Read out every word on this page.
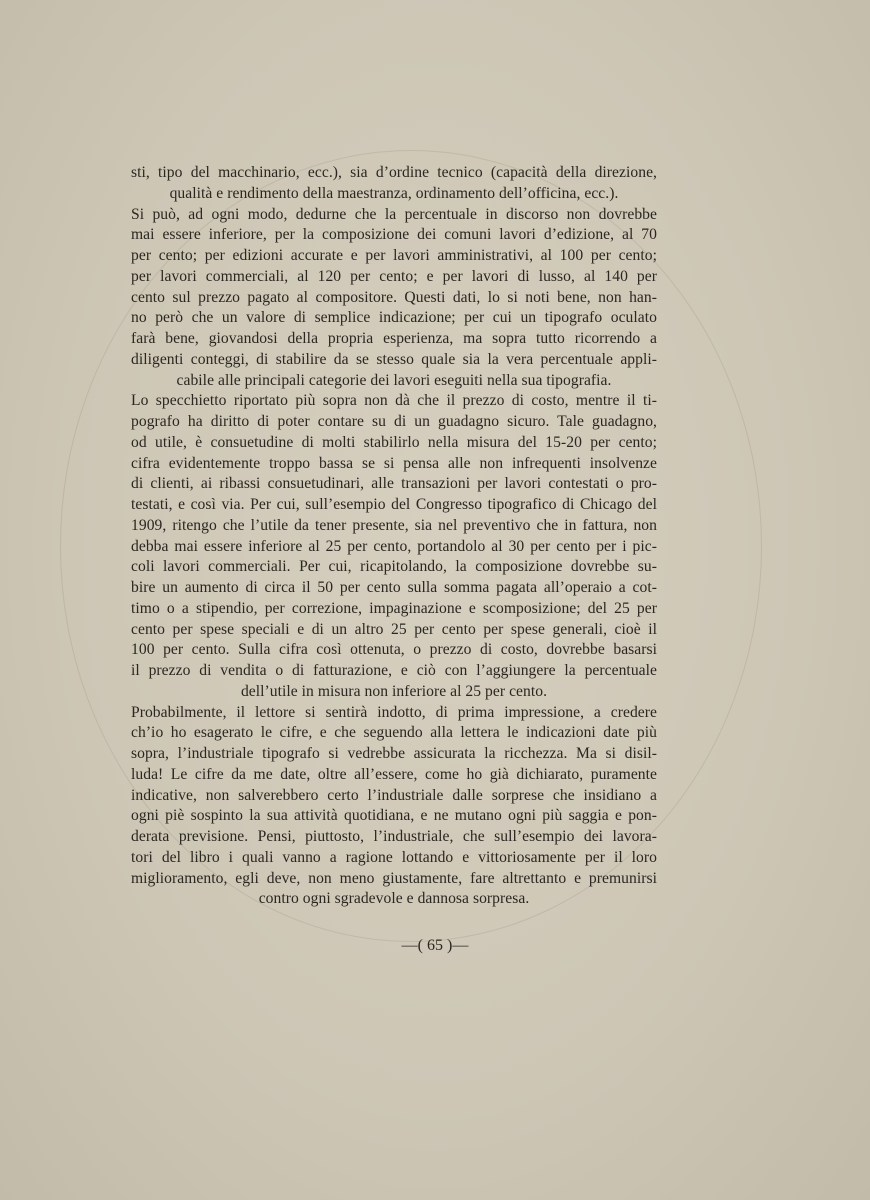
sti, tipo del macchinario, ecc.), sia d’ordine tecnico (capacità della direzione,
qualità e rendimento della maestranza, ordinamento dell’officina, ecc.).
Si può, ad ogni modo, dedurne che la percentuale in discorso non dovrebbe
mai essere inferiore, per la composizione dei comuni lavori d’edizione, al 70
per cento; per edizioni accurate e per lavori amministrativi, al 100 per cento;
per lavori commerciali, al 120 per cento; e per lavori di lusso, al 140 per
cento sul prezzo pagato al compositore. Questi dati, lo si noti bene, non han-
no però che un valore di semplice indicazione; per cui un tipografo oculato
farà bene, giovandosi della propria esperienza, ma sopra tutto ricorrendo a
diligenti conteggi, di stabilire da se stesso quale sia la vera percentuale appli-
cabile alle principali categorie dei lavori eseguiti nella sua tipografia.
Lo specchietto riportato più sopra non dà che il prezzo di costo, mentre il ti-
pografo ha diritto di poter contare su di un guadagno sicuro. Tale guadagno,
od utile, è consuetudine di molti stabilirlo nella misura del 15-20 per cento;
cifra evidentemente troppo bassa se si pensa alle non infrequenti insolvenze
di clienti, ai ribassi consuetudinari, alle transazioni per lavori contestati o pro-
testati, e così via. Per cui, sull’esempio del Congresso tipografico di Chicago del
1909, ritengo che l’utile da tener presente, sia nel preventivo che in fattura, non
debba mai essere inferiore al 25 per cento, portandolo al 30 per cento per i pic-
coli lavori commerciali. Per cui, ricapitolando, la composizione dovrebbe su-
bire un aumento di circa il 50 per cento sulla somma pagata all’operaio a cot-
timo o a stipendio, per correzione, impaginazione e scomposizione; del 25 per
cento per spese speciali e di un altro 25 per cento per spese generali, cioè il
100 per cento. Sulla cifra così ottenuta, o prezzo di costo, dovrebbe basarsi
il prezzo di vendita o di fatturazione, e ciò con l’aggiungere la percentuale
dell’utile in misura non inferiore al 25 per cento.
Probabilmente, il lettore si sentirà indotto, di prima impressione, a credere
ch’io ho esagerato le cifre, e che seguendo alla lettera le indicazioni date più
sopra, l’industriale tipografo si vedrebbe assicurata la ricchezza. Ma si disil-
luda! Le cifre da me date, oltre all’essere, come ho già dichiarato, puramente
indicative, non salverebbero certo l’industriale dalle sorprese che insidiano a
ogni piè sospinto la sua attività quotidiana, e ne mutano ogni più saggia e pon-
derata previsione. Pensi, piuttosto, l’industriale, che sull’esempio dei lavora-
tori del libro i quali vanno a ragione lottando e vittoriosamente per il loro
miglioramento, egli deve, non meno giustamente, fare altrettanto e premunirsi
contro ogni sgradevole e dannosa sorpresa.
—( 65 )—
